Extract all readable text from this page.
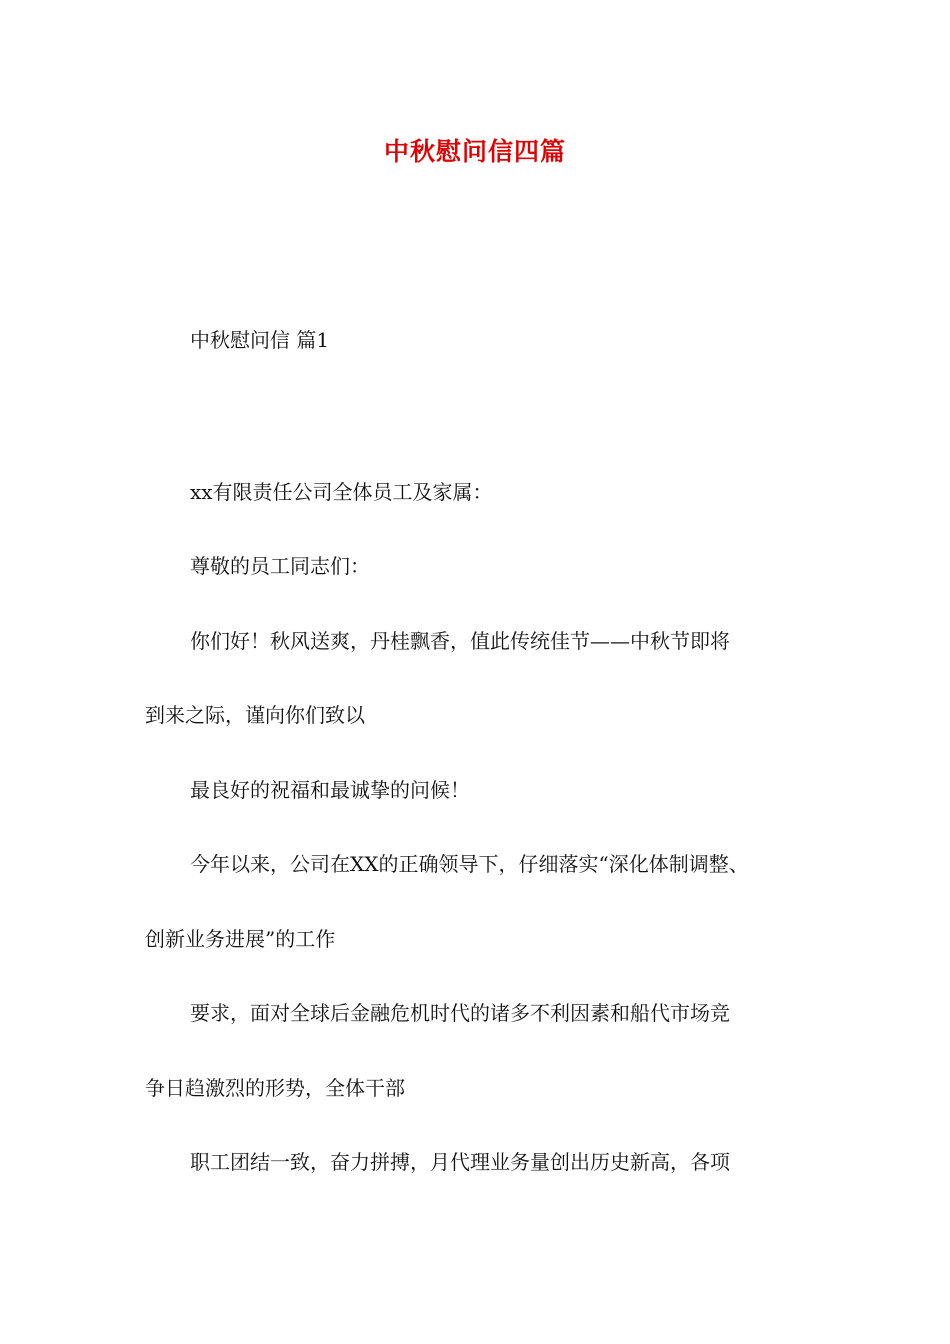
中秋慰问信四篇
中秋慰问信 篇1
xx有限责任公司全体员工及家属：
尊敬的员工同志们：
你们好！秋风送爽，丹桂飘香，值此传统佳节——中秋节即将
到来之际，谨向你们致以
最良好的祝福和最诚挚的问候！
今年以来，公司在XX的正确领导下，仔细落实“深化体制调整、
创新业务进展”的工作
要求，面对全球后金融危机时代的诸多不利因素和船代市场竞
争日趋激烈的形势，全体干部
职工团结一致，奋力拼搏，月代理业务量创出历史新高，各项
